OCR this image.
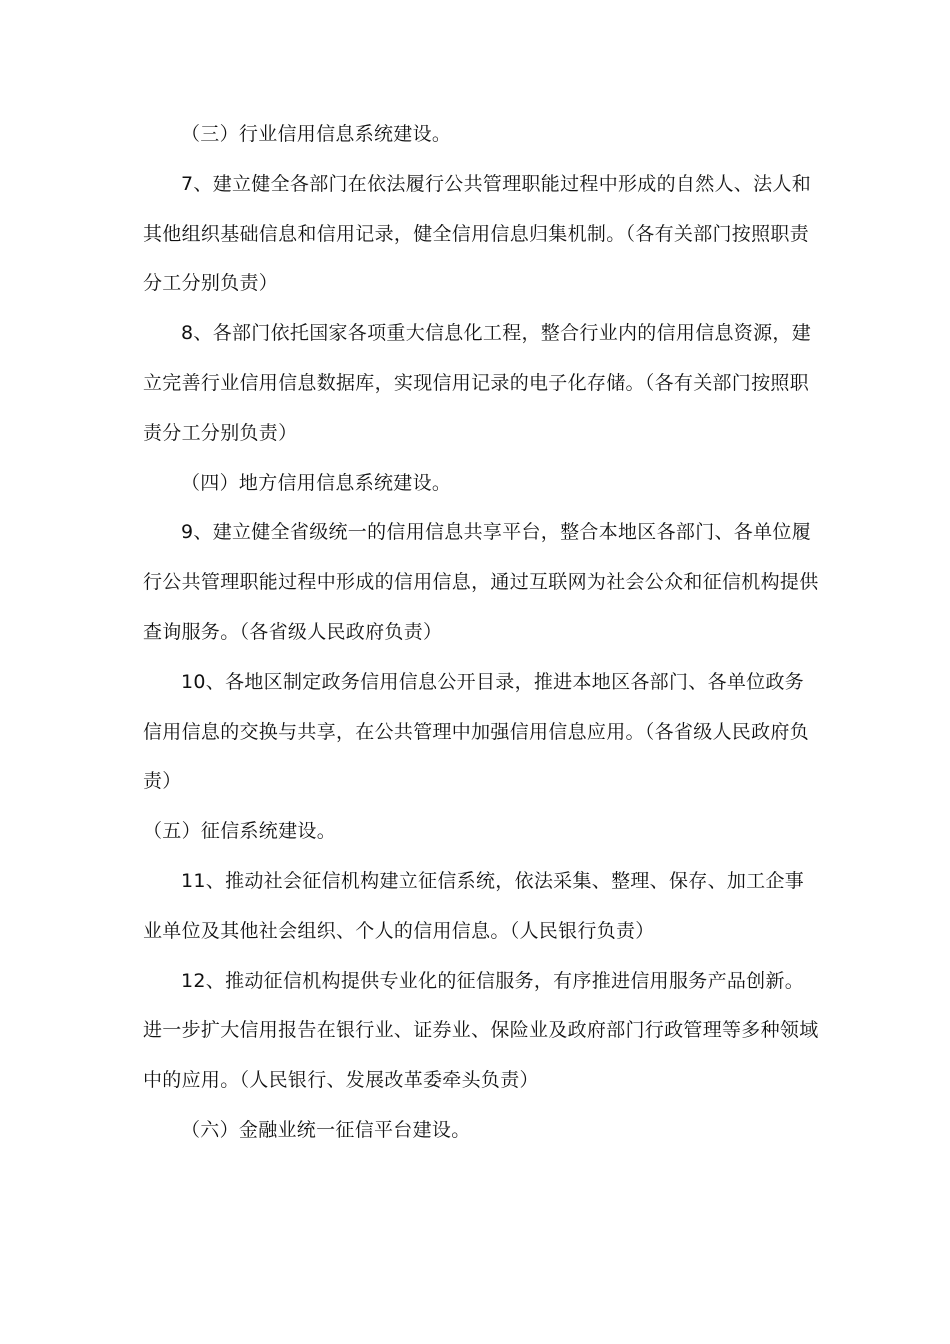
（三）行业信用信息系统建设。
7、建立健全各部门在依法履行公共管理职能过程中形成的自然人、法人和
其他组织基础信息和信用记录，健全信用信息归集机制。（各有关部门按照职责
分工分别负责）
8、各部门依托国家各项重大信息化工程，整合行业内的信用信息资源，建
立完善行业信用信息数据库，实现信用记录的电子化存储。（各有关部门按照职
责分工分别负责）
（四）地方信用信息系统建设。
9、建立健全省级统一的信用信息共享平台，整合本地区各部门、各单位履
行公共管理职能过程中形成的信用信息，通过互联网为社会公众和征信机构提供
查询服务。（各省级人民政府负责）
10、各地区制定政务信用信息公开目录，推进本地区各部门、各单位政务
信用信息的交换与共享，在公共管理中加强信用信息应用。（各省级人民政府负
责）
（五）征信系统建设。
11、推动社会征信机构建立征信系统，依法采集、整理、保存、加工企事
业单位及其他社会组织、个人的信用信息。（人民银行负责）
12、推动征信机构提供专业化的征信服务，有序推进信用服务产品创新。
进一步扩大信用报告在银行业、证券业、保险业及政府部门行政管理等多种领域
中的应用。（人民银行、发展改革委牵头负责）
（六）金融业统一征信平台建设。
